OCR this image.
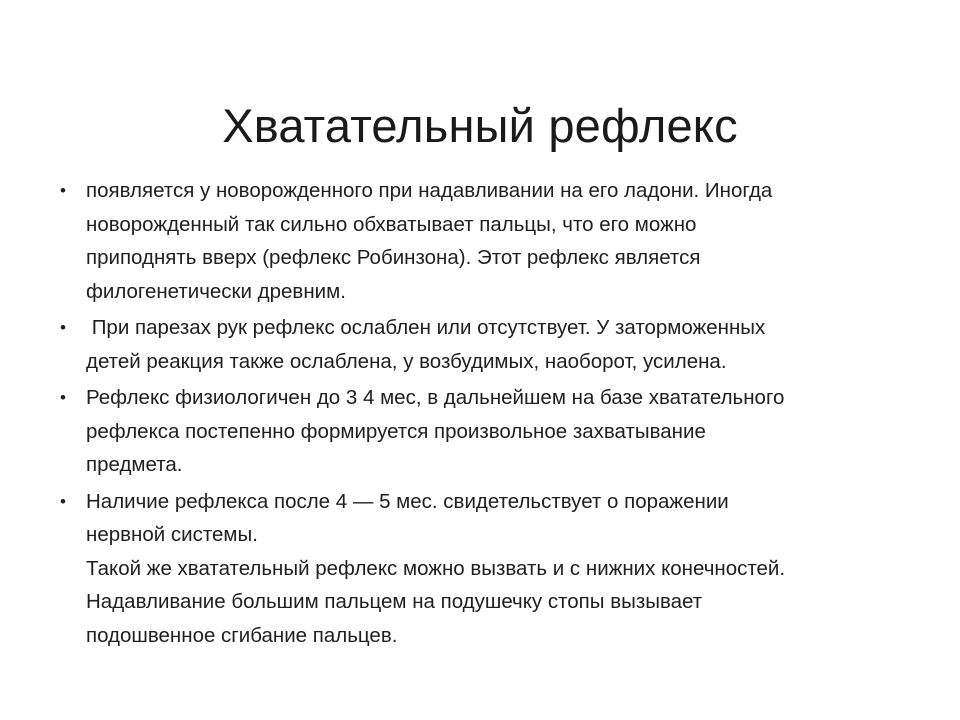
Хватательный рефлекс
• появляется у новорожденного при надавливании на его ладони. Иногда
новорожденный так сильно обхватывает пальцы, что его можно
приподнять вверх (рефлекс Робинзона). Этот рефлекс является
филогенетически древним.
• При парезах рук рефлекс ослаблен или отсутствует. У заторможенных
детей реакция также ослаблена, у возбудимых, наоборот, усилена.
• Рефлекс физиологичен до 3 4 мес, в дальнейшем на базе хватательного
рефлекса постепенно формируется произвольное захватывание
предмета.
• Наличие рефлекса после 4 — 5 мес. свидетельствует о поражении
нервной системы.
Такой же хватательный рефлекс можно вызвать и с нижних конечностей.
Надавливание большим пальцем на подушечку стопы вызывает
подошвенное сгибание пальцев.
